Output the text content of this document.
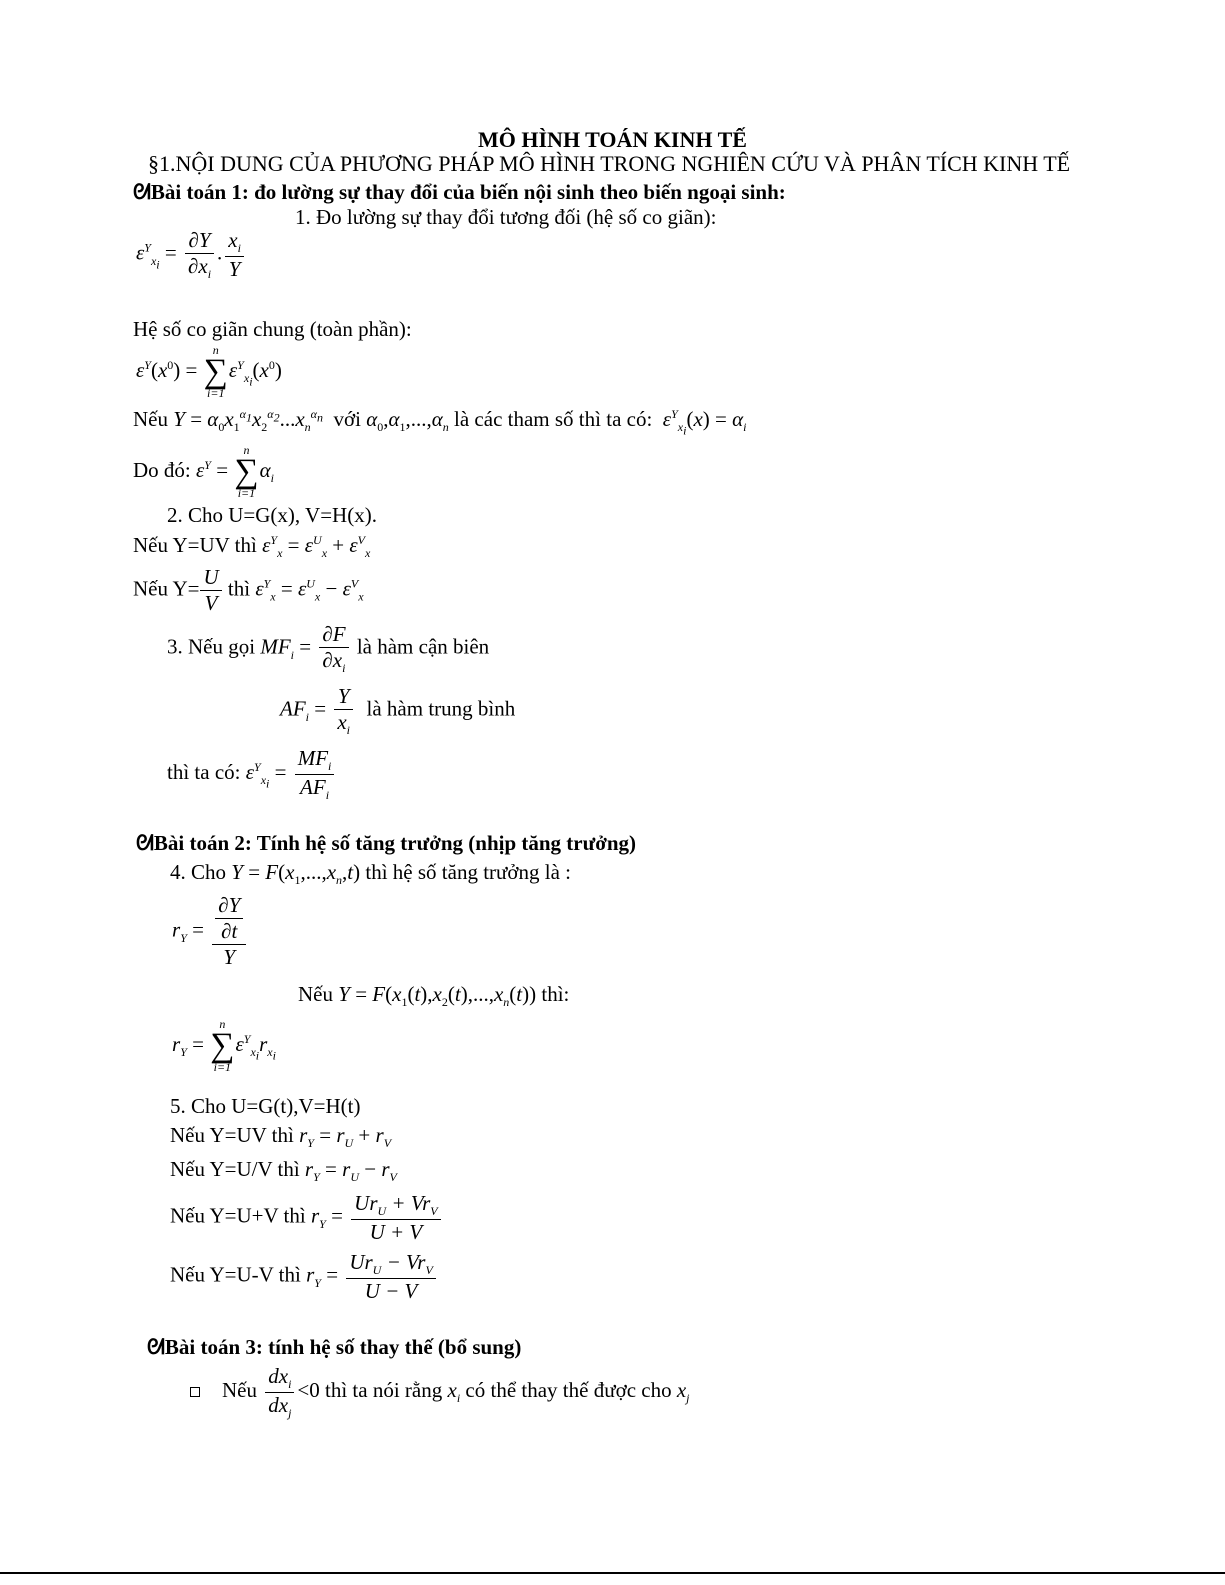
MÔ HÌNH TOÁN KINH TẾ
§1.NỘI DUNG CỦA PHƯƠNG PHÁP MÔ HÌNH TRONG NGHIÊN CỨU VÀ PHÂN TÍCH KINH TẾ
ᘛBài toán 1: đo lường sự thay đổi của biến nội sinh theo biến ngoại sinh:
1. Đo lường sự thay đổi tương đối (hệ số co giãn):
$\varepsilon^Y_{x_i} = \frac{\partial Y}{\partial x_i}$ . $\frac{x_i}{Y}$
Hệ số co giãn chung (toàn phần):
$\varepsilon^Y(x^0)$ =
n
∑
i=1
$\varepsilon^Y_{x_i}(x^0)$
Nếu $Y = \alpha_0x_1^{\alpha_1}x_2^{\alpha_2}...x_n^{\alpha_n}$ với $\alpha_0,\alpha_1,...,\alpha_n$ là các tham số thì ta có: $\varepsilon^Y_{x_i}(x) = \alpha_i$
Do đó: $\varepsilon^Y$ =
n
∑
i=1
$\alpha_i$
2. Cho U=G(x), V=H(x).
Nếu Y=UV thì $\varepsilon^Y_x = \varepsilon^U_x + \varepsilon^V_x$
Nếu $Y= \frac{U}{V}$ thì $\varepsilon^Y_x = \varepsilon^U_x - \varepsilon^V_x$
3. Nếu gọi $MF_i = \frac{\partial F}{\partial x_i}$ là hàm cận biên
$AF_i = \frac{Y}{x_i}$ là hàm trung bình
thì ta có: $\varepsilon^Y_{x_i} = \frac{MF_i}{AF_i}$
ᘛBài toán 2: Tính hệ số tăng trưởng (nhịp tăng trưởng)
4. Cho $Y = F(x_1,...,x_n,t)$ thì hệ số tăng trưởng là :
$r_Y = \frac{\frac{\partial Y}{\partial t}}{Y}$
Nếu $Y = F(x_1(t),x_2(t),...,x_n(t))$ thì:
$r_Y$ =
n
∑
i=1
$\varepsilon^Y_{x_i}r_{x_i}$
5. Cho U=G(t),V=H(t)
Nếu Y=UV thì $r_Y = r_U + r_V$
Nếu Y=U/V thì $r_Y = r_U - r_V$
Nếu Y=U+V thì $r_Y = \frac{Ur_U + Vr_V}{U + V}$
Nếu Y=U-V thì $r_Y = \frac{Ur_U - Vr_V}{U - V}$
ᘛBài toán 3: tính hệ số thay thế (bổ sung)
Nếu $\frac{dx_i}{dx_j} <0$ thì ta nói rằng $x_i$ có thể thay thế được cho $x_j$
